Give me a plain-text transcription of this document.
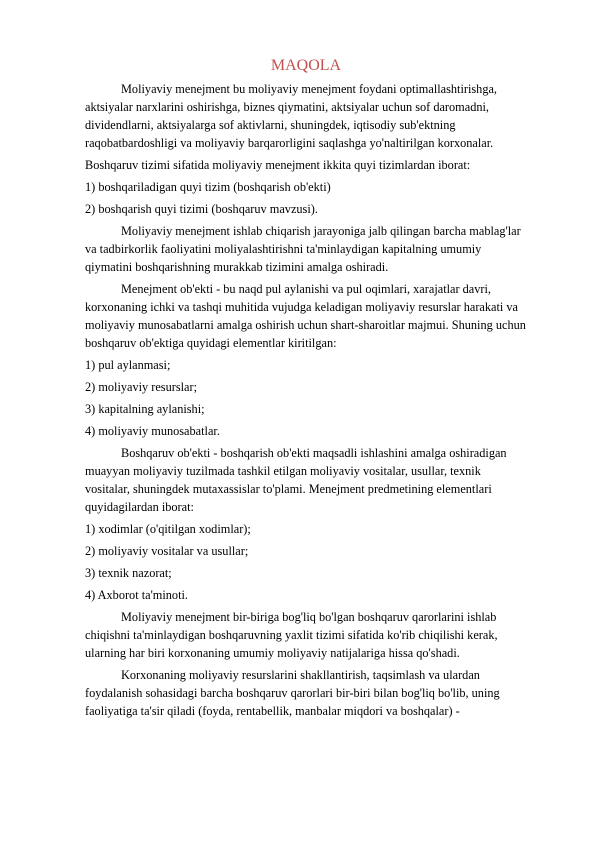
MAQOLA

Moliyaviy menejment bu moliyaviy menejment foydani optimallashtirishga, aktsiyalar narxlarini oshirishga, biznes qiymatini, aktsiyalar uchun sof daromadni, dividendlarni, aktsiyalarga sof aktivlarni, shuningdek, iqtisodiy sub'ektning raqobatbardoshligi va moliyaviy barqarorligini saqlashga yo'naltirilgan korxonalar.

Boshqaruv tizimi sifatida moliyaviy menejment ikkita quyi tizimlardan iborat:

1) boshqariladigan quyi tizim (boshqarish ob'ekti)
2) boshqarish quyi tizimi (boshqaruv mavzusi).

Moliyaviy menejment ishlab chiqarish jarayoniga jalb qilingan barcha mablag'lar va tadbirkorlik faoliyatini moliyalashtirishni ta'minlaydigan kapitalning umumiy qiymatini boshqarishning murakkab tizimini amalga oshiradi.

Menejment ob'ekti - bu naqd pul aylanishi va pul oqimlari, xarajatlar davri, korxonaning ichki va tashqi muhitida vujudga keladigan moliyaviy resurslar harakati va moliyaviy munosabatlarni amalga oshirish uchun shart-sharoitlar majmui. Shuning uchun boshqaruv ob'ektiga quyidagi elementlar kiritilgan:

1) pul aylanmasi;
2) moliyaviy resurslar;
3) kapitalning aylanishi;
4) moliyaviy munosabatlar.

Boshqaruv ob'ekti - boshqarish ob'ekti maqsadli ishlashini amalga oshiradigan muayyan moliyaviy tuzilmada tashkil etilgan moliyaviy vositalar, usullar, texnik vositalar, shuningdek mutaxassislar to'plami. Menejment predmetining elementlari quyidagilardan iborat:

1) xodimlar (o'qitilgan xodimlar);
2) moliyaviy vositalar va usullar;
3) texnik nazorat;
4) Axborot ta'minoti.

Moliyaviy menejment bir-biriga bog'liq bo'lgan boshqaruv qarorlarini ishlab chiqishni ta'minlaydigan boshqaruvning yaxlit tizimi sifatida ko'rib chiqilishi kerak, ularning har biri korxonaning umumiy moliyaviy natijalariga hissa qo'shadi.

Korxonaning moliyaviy resurslarini shakllantirish, taqsimlash va ulardan foydalanish sohasidagi barcha boshqaruv qarorlari bir-biri bilan bog'liq bo'lib, uning faoliyatiga ta'sir qiladi (foyda, rentabellik, manbalar miqdori va boshqalar) -
